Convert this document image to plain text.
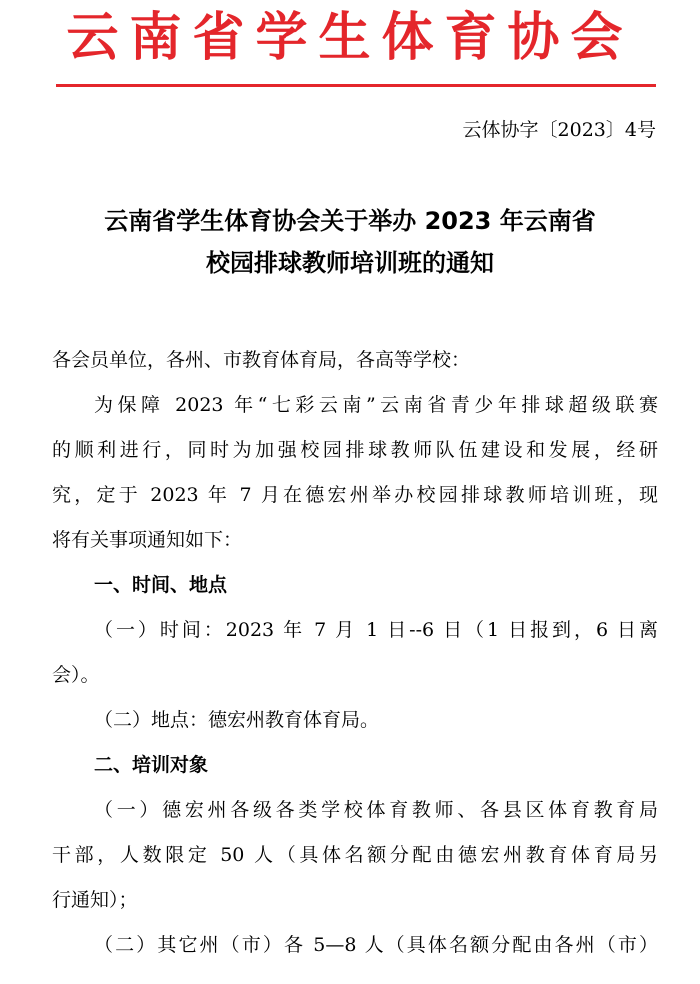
云南省学生体育协会
云体协字〔2023〕4号
云南省学生体育协会关于举办 2023 年云南省
校园排球教师培训班的通知
各会员单位，各州、市教育体育局，各高等学校：
为保障 2023 年“七彩云南”云南省青少年排球超级联赛
的顺利进行，同时为加强校园排球教师队伍建设和发展，经研
究，定于 2023 年 7 月在德宏州举办校园排球教师培训班，现
将有关事项通知如下：
一、时间、地点
（一）时间：2023 年 7 月 1 日--6 日（1 日报到，6 日离
会）。
（二）地点：德宏州教育体育局。
二、培训对象
（一）德宏州各级各类学校体育教师、各县区体育教育局
干部，人数限定 50 人（具体名额分配由德宏州教育体育局另
行通知）；
（二）其它州（市）各 5—8 人（具体名额分配由各州（市）
